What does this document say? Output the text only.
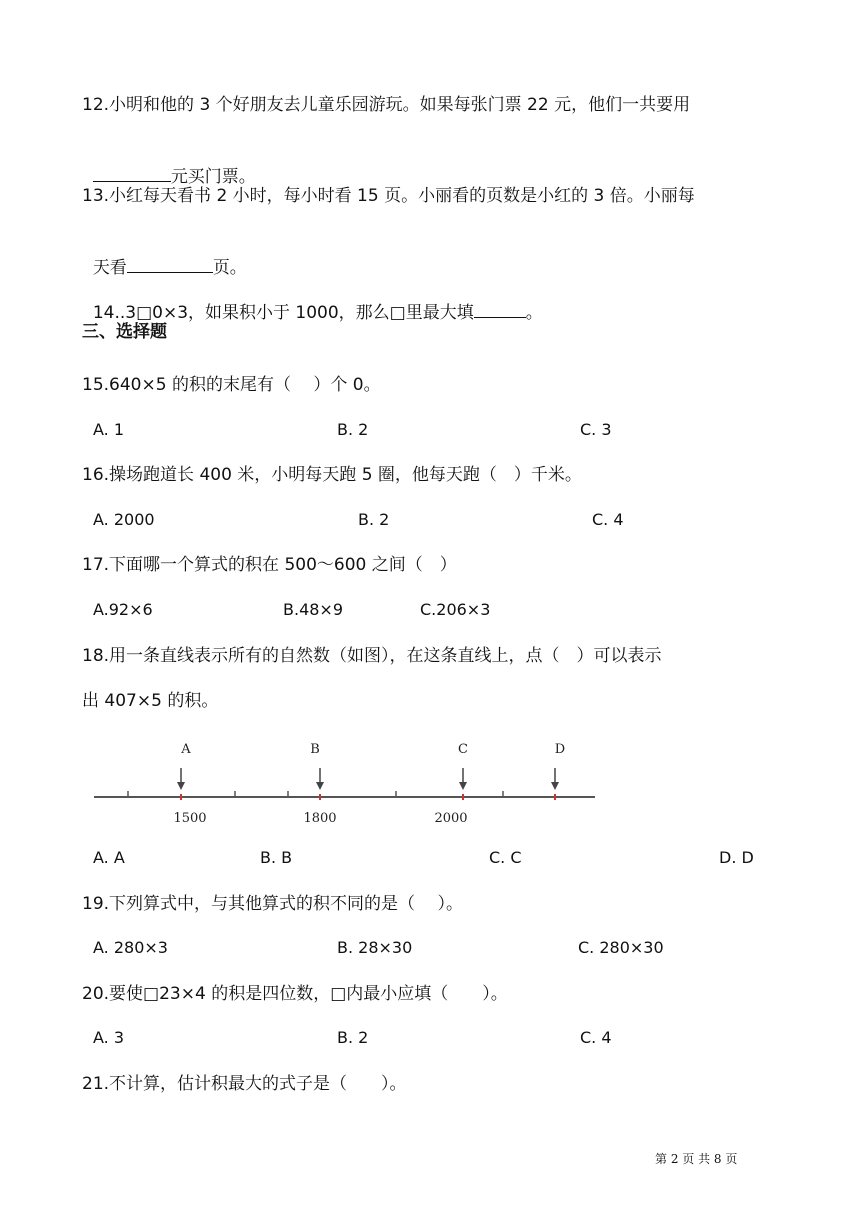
12.小明和他的 3 个好朋友去儿童乐园游玩。如果每张门票 22 元，他们一共要用

元买门票。

13.小红每天看书 2 小时，每小时看 15 页。小丽看的页数是小红的 3 倍。小丽每

天看	页。

14..3□0×3，如果积小于 1000，那么□里最大填	。

三、选择题
15.640×5 的积的末尾有（　 ）个 0。
A. 1	B. 2	C. 3
16.操场跑道长 400 米，小明每天跑 5 圈，他每天跑（　）千米。
A. 2000	B. 2	C. 4
17.下面哪一个算式的积在 500～600 之间（　）
A.92×6	B.48×9	C.206×3
18.用一条直线表示所有的自然数（如图），在这条直线上，点（　）可以表示
出 407×5 的积。
A	B	C	D
1500	1800	2000
A. A	B. B	C. C	D. D
19.下列算式中，与其他算式的积不同的是（　 ）。
A. 280×3	B. 28×30	C. 280×30
20.要使□23×4 的积是四位数，□内最小应填（　　）。
A. 3	B. 2	C. 4
21.不计算，估计积最大的式子是（　　）。
第 2 页 共 8 页
